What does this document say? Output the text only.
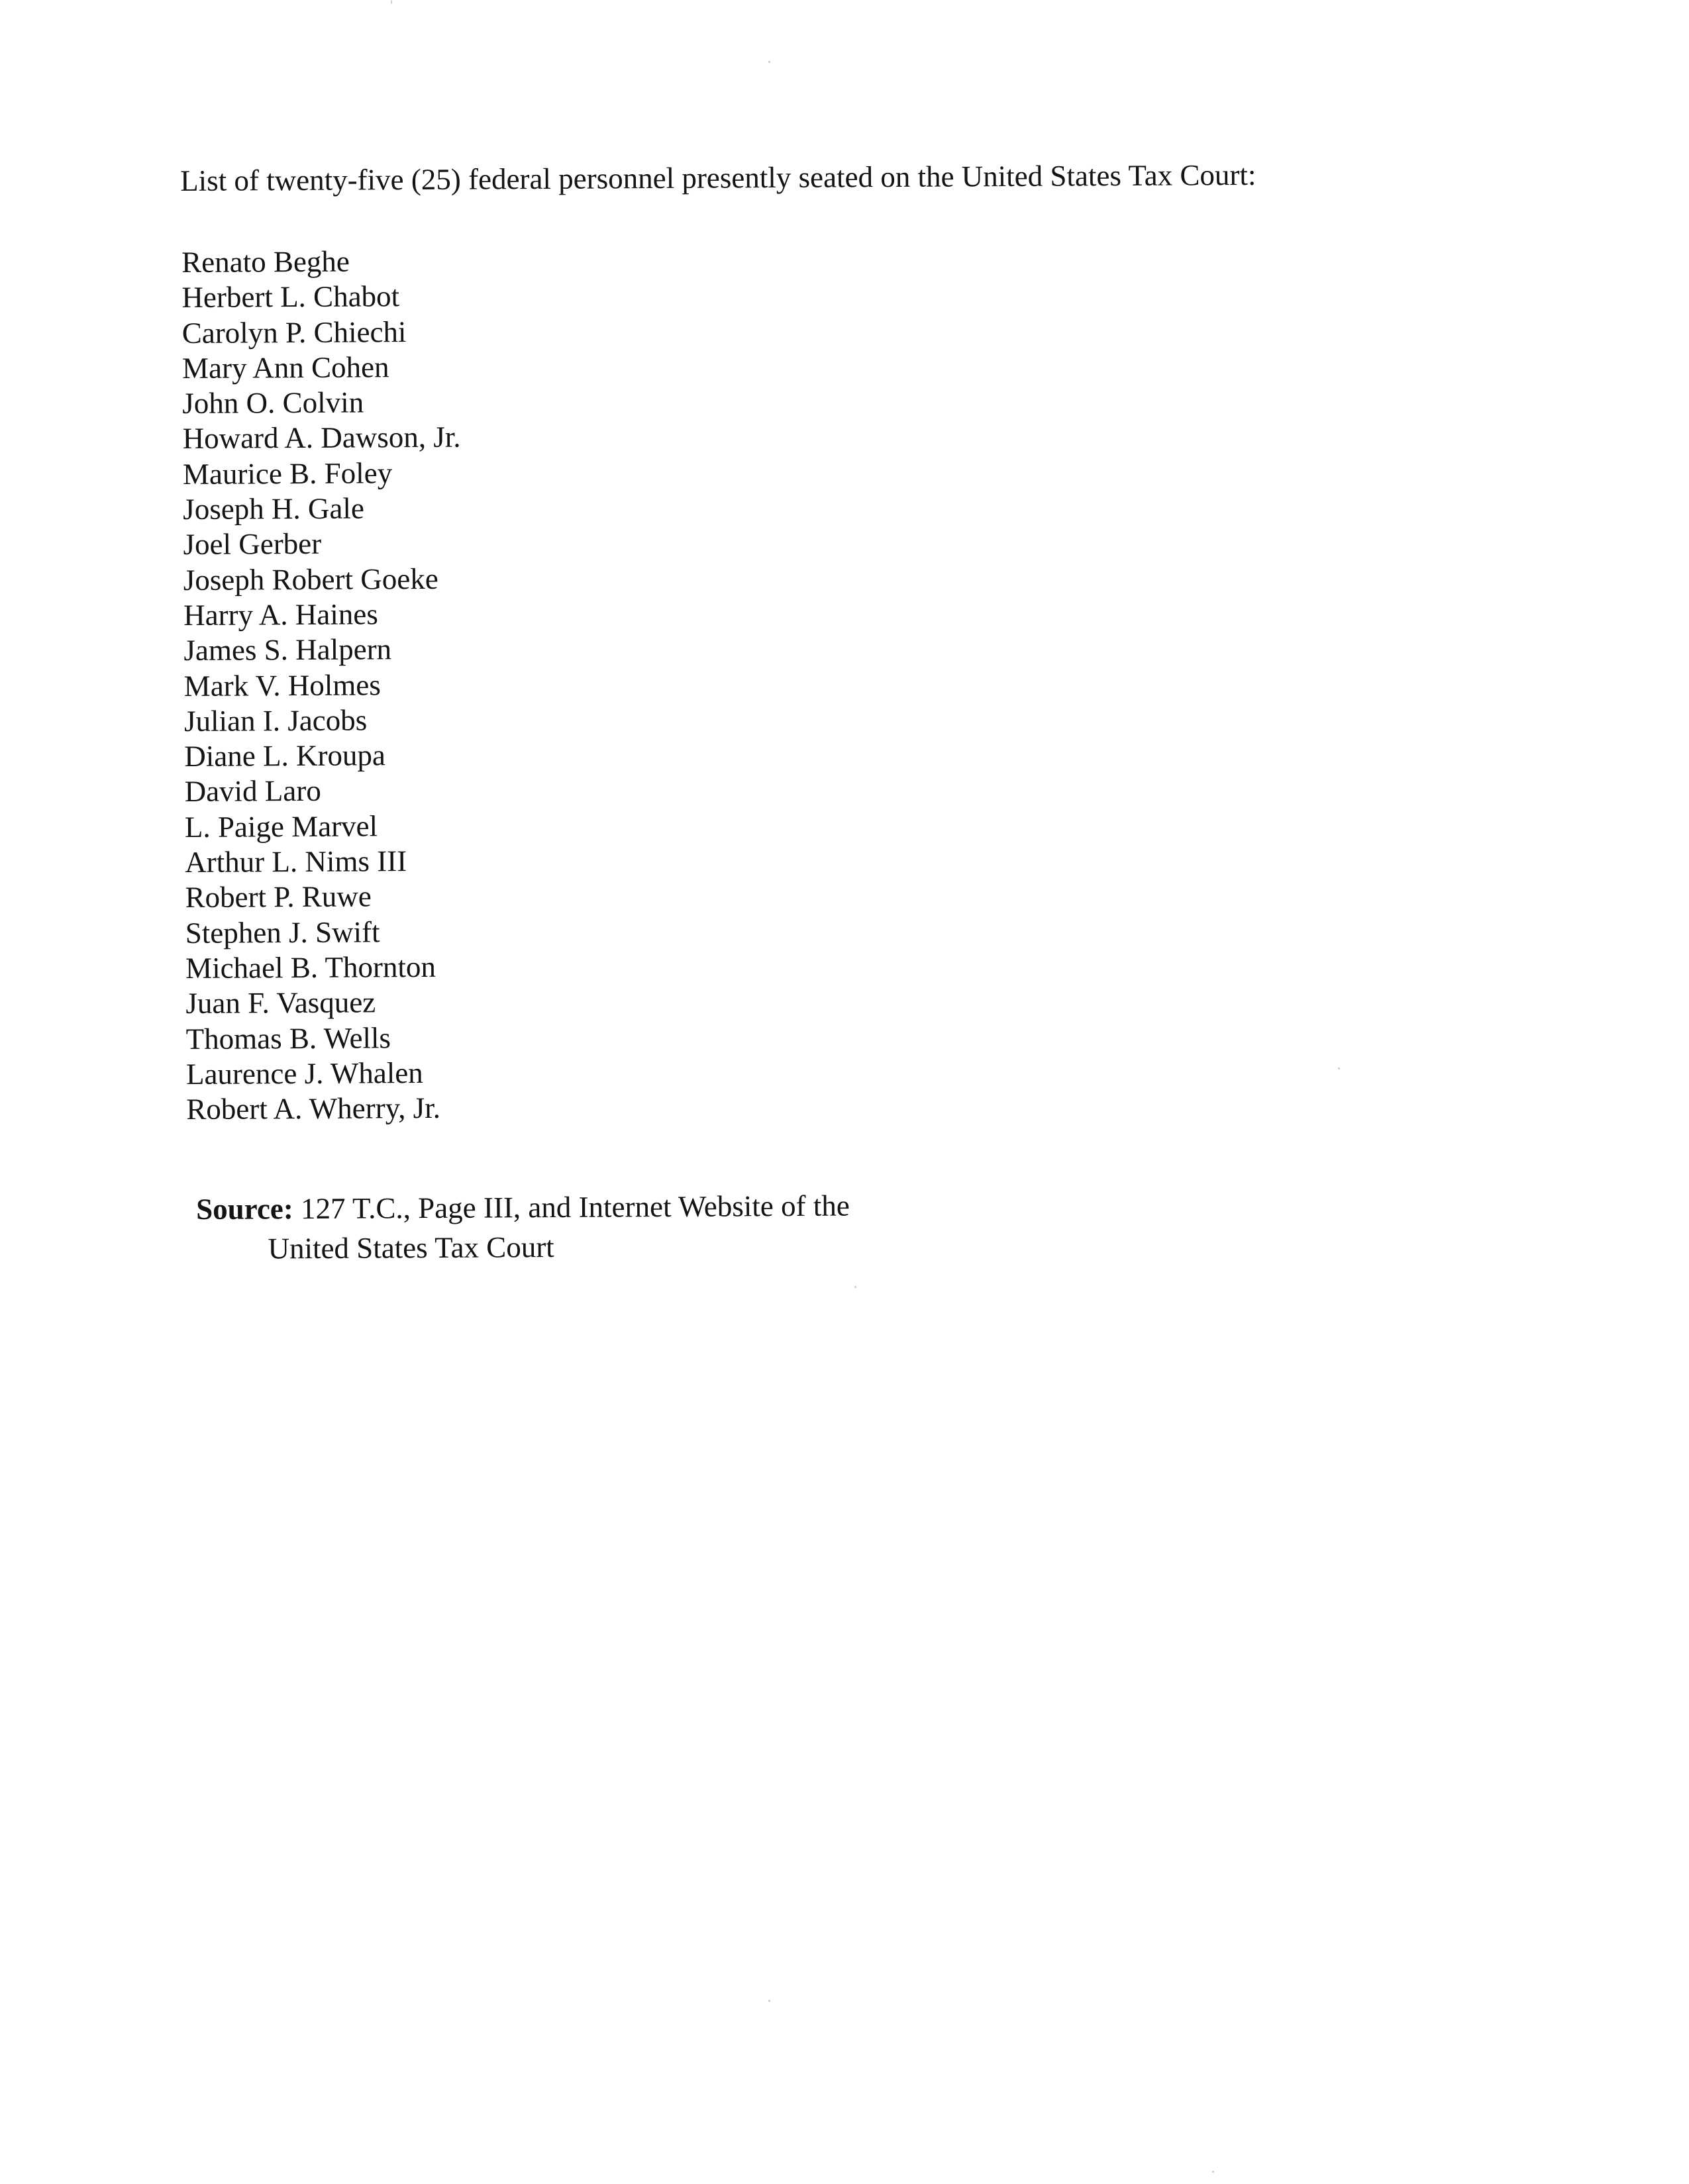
List of twenty-five (25) federal personnel presently seated on the United States Tax Court:
Renato Beghe
Herbert L. Chabot
Carolyn P. Chiechi
Mary Ann Cohen
John O. Colvin
Howard A. Dawson, Jr.
Maurice B. Foley
Joseph H. Gale
Joel Gerber
Joseph Robert Goeke
Harry A. Haines
James S. Halpern
Mark V. Holmes
Julian I. Jacobs
Diane L. Kroupa
David Laro
L. Paige Marvel
Arthur L. Nims III
Robert P. Ruwe
Stephen J. Swift
Michael B. Thornton
Juan F. Vasquez
Thomas B. Wells
Laurence J. Whalen
Robert A. Wherry, Jr.
Source: 127 T.C., Page III, and Internet Website of the
United States Tax Court
